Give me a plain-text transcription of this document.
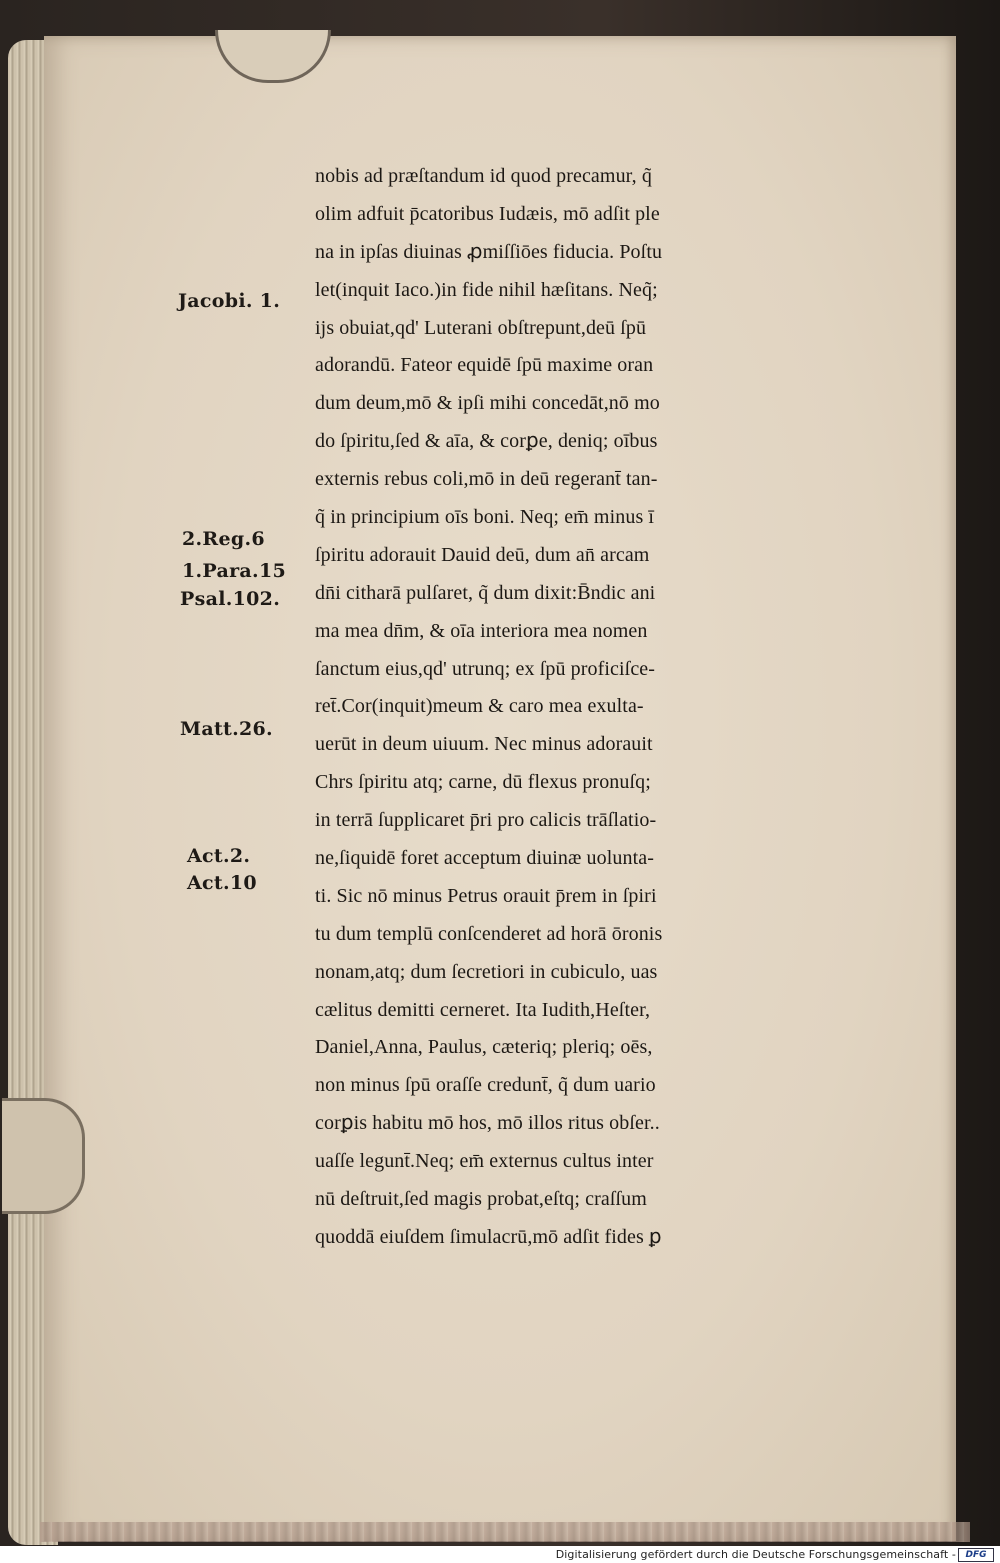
Jacobi. 1.
2.Reg.6
1.Para.15
Psal.102.
Matt.26.
Act.2.
Act.10
nobis ad præſtandum id quod precamur, q̃
olim adfuit p̄catoribus Iudæis, mō adſit ple
na in ipſas diuinas ꝓmiſſiōes fiducia. Poſtu
let(inquit Iaco.)in fide nihil hæſitans. Neq̃;
ijs obuiat,qd' Luterani obſtrepunt,deū ſpū
adorandū. Fateor equidē ſpū maxime oran
dum deum,mō & ipſi mihi concedāt,nō mo
do ſpiritu,ſed & aīa, & corꝑe, deniq; oībus
externis rebus coli,mō in deū regerant̄ tan-
q̃ in principium oīs boni. Neq; em̄ minus ī
ſpiritu adorauit Dauid deū, dum an̄ arcam
dn̄i citharā pulſaret, q̃ dum dixit:B̄ndic ani
ma mea dn̄m, & oīa interiora mea nomen
ſanctum eius,qd' utrunq; ex ſpū proficiſce-
ret̄.Cor(inquit)meum & caro mea exulta-
uerūt in deum uiuum. Nec minus adorauit
Chrs ſpiritu atq; carne, dū flexus pronuſq;
in terrā ſupplicaret p̄ri pro calicis trāſlatio-
ne,ſiquidē foret acceptum diuinæ uolunta-
ti. Sic nō minus Petrus orauit p̄rem in ſpiri
tu dum templū conſcenderet ad horā ōronis
nonam,atq; dum ſecretiori in cubiculo, uas
cælitus demitti cerneret. Ita Iudith,Heſter,
Daniel,Anna, Paulus, cæteriq; pleriq; oēs,
non minus ſpū oraſſe credunt̄, q̃ dum uario
corꝑis habitu mō hos, mō illos ritus obſer..
uaſſe legunt̄.Neq; em̄ externus cultus inter
nū deſtruit,ſed magis probat,eſtq; craſſum
quoddā eiuſdem ſimulacrū,mō adſit fides ꝑ
Digitalisierung gefördert durch die Deutsche Forschungsgemeinschaft -	DFG
